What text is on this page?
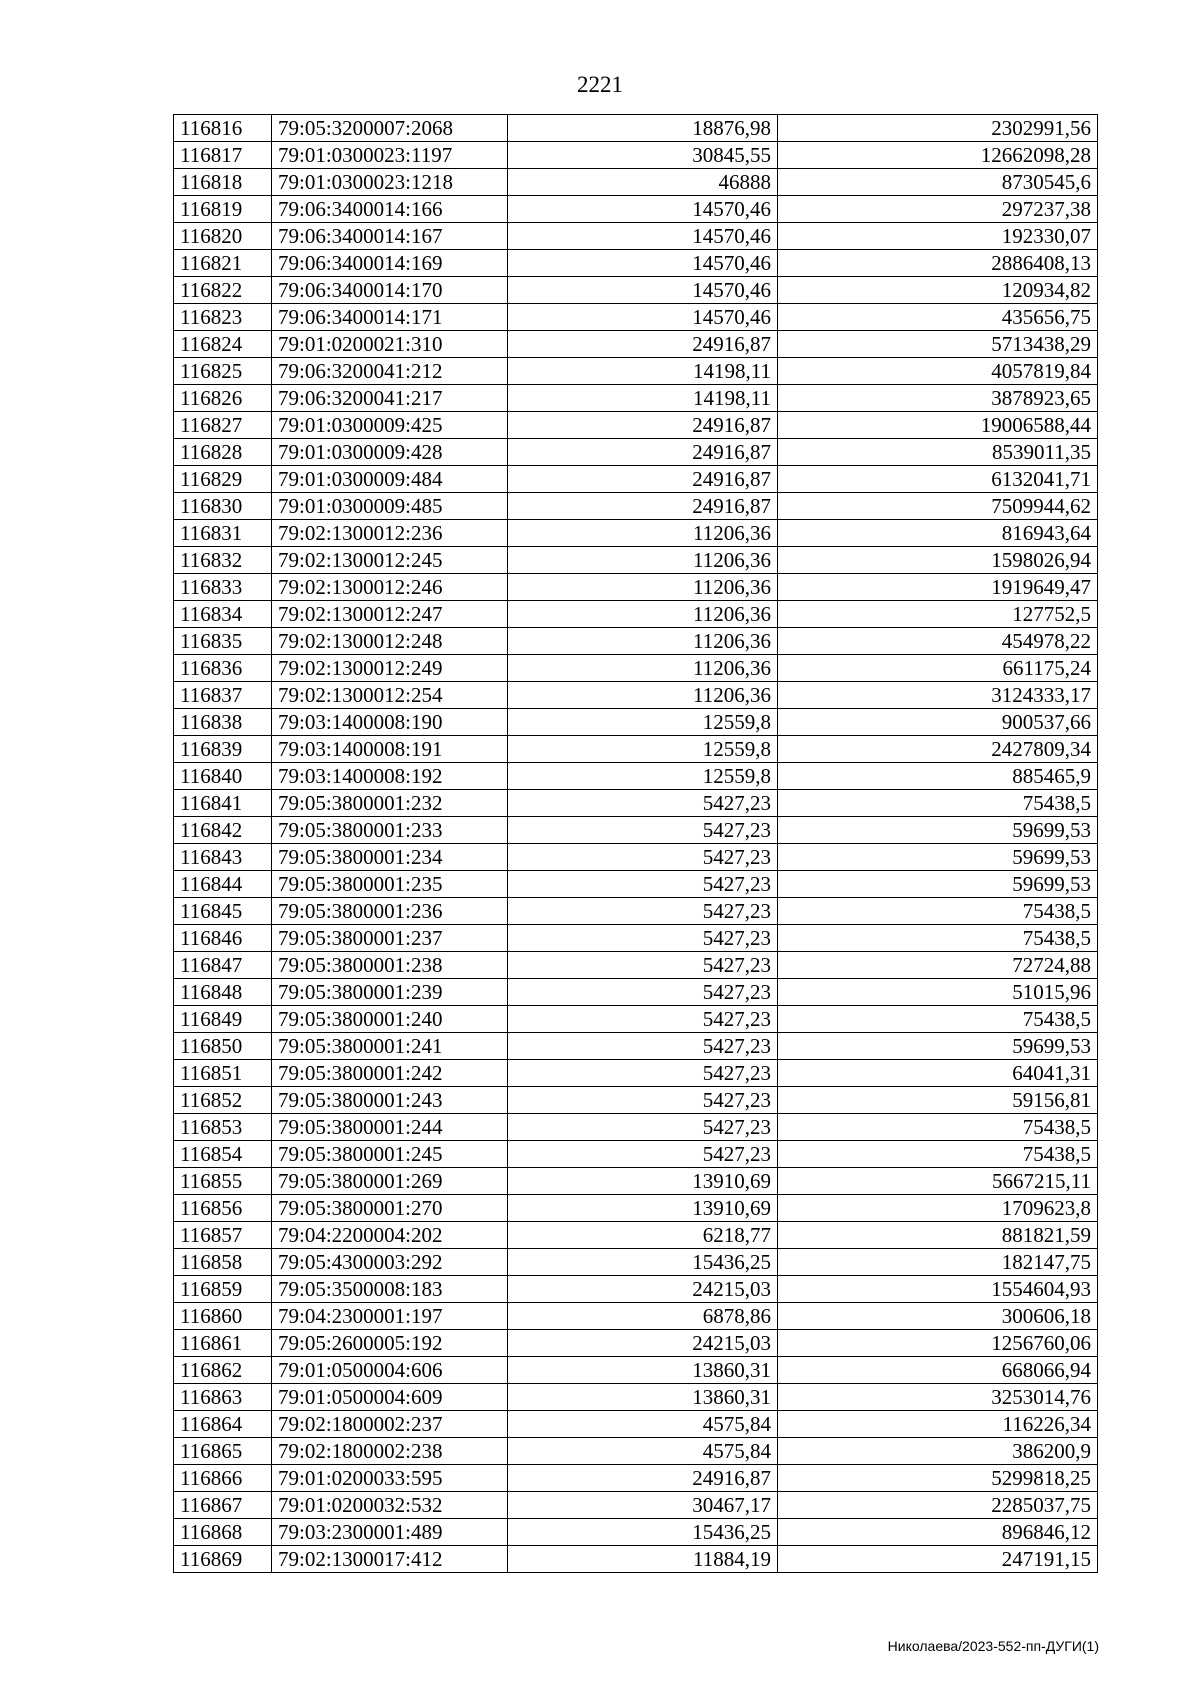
2221
116816	79:05:3200007:2068	18876,98	2302991,56
116817	79:01:0300023:1197	30845,55	12662098,28
116818	79:01:0300023:1218	46888	8730545,6
116819	79:06:3400014:166	14570,46	297237,38
116820	79:06:3400014:167	14570,46	192330,07
116821	79:06:3400014:169	14570,46	2886408,13
116822	79:06:3400014:170	14570,46	120934,82
116823	79:06:3400014:171	14570,46	435656,75
116824	79:01:0200021:310	24916,87	5713438,29
116825	79:06:3200041:212	14198,11	4057819,84
116826	79:06:3200041:217	14198,11	3878923,65
116827	79:01:0300009:425	24916,87	19006588,44
116828	79:01:0300009:428	24916,87	8539011,35
116829	79:01:0300009:484	24916,87	6132041,71
116830	79:01:0300009:485	24916,87	7509944,62
116831	79:02:1300012:236	11206,36	816943,64
116832	79:02:1300012:245	11206,36	1598026,94
116833	79:02:1300012:246	11206,36	1919649,47
116834	79:02:1300012:247	11206,36	127752,5
116835	79:02:1300012:248	11206,36	454978,22
116836	79:02:1300012:249	11206,36	661175,24
116837	79:02:1300012:254	11206,36	3124333,17
116838	79:03:1400008:190	12559,8	900537,66
116839	79:03:1400008:191	12559,8	2427809,34
116840	79:03:1400008:192	12559,8	885465,9
116841	79:05:3800001:232	5427,23	75438,5
116842	79:05:3800001:233	5427,23	59699,53
116843	79:05:3800001:234	5427,23	59699,53
116844	79:05:3800001:235	5427,23	59699,53
116845	79:05:3800001:236	5427,23	75438,5
116846	79:05:3800001:237	5427,23	75438,5
116847	79:05:3800001:238	5427,23	72724,88
116848	79:05:3800001:239	5427,23	51015,96
116849	79:05:3800001:240	5427,23	75438,5
116850	79:05:3800001:241	5427,23	59699,53
116851	79:05:3800001:242	5427,23	64041,31
116852	79:05:3800001:243	5427,23	59156,81
116853	79:05:3800001:244	5427,23	75438,5
116854	79:05:3800001:245	5427,23	75438,5
116855	79:05:3800001:269	13910,69	5667215,11
116856	79:05:3800001:270	13910,69	1709623,8
116857	79:04:2200004:202	6218,77	881821,59
116858	79:05:4300003:292	15436,25	182147,75
116859	79:05:3500008:183	24215,03	1554604,93
116860	79:04:2300001:197	6878,86	300606,18
116861	79:05:2600005:192	24215,03	1256760,06
116862	79:01:0500004:606	13860,31	668066,94
116863	79:01:0500004:609	13860,31	3253014,76
116864	79:02:1800002:237	4575,84	116226,34
116865	79:02:1800002:238	4575,84	386200,9
116866	79:01:0200033:595	24916,87	5299818,25
116867	79:01:0200032:532	30467,17	2285037,75
116868	79:03:2300001:489	15436,25	896846,12
116869	79:02:1300017:412	11884,19	247191,15
Николаева/2023-552-пп-ДУГИ(1)
